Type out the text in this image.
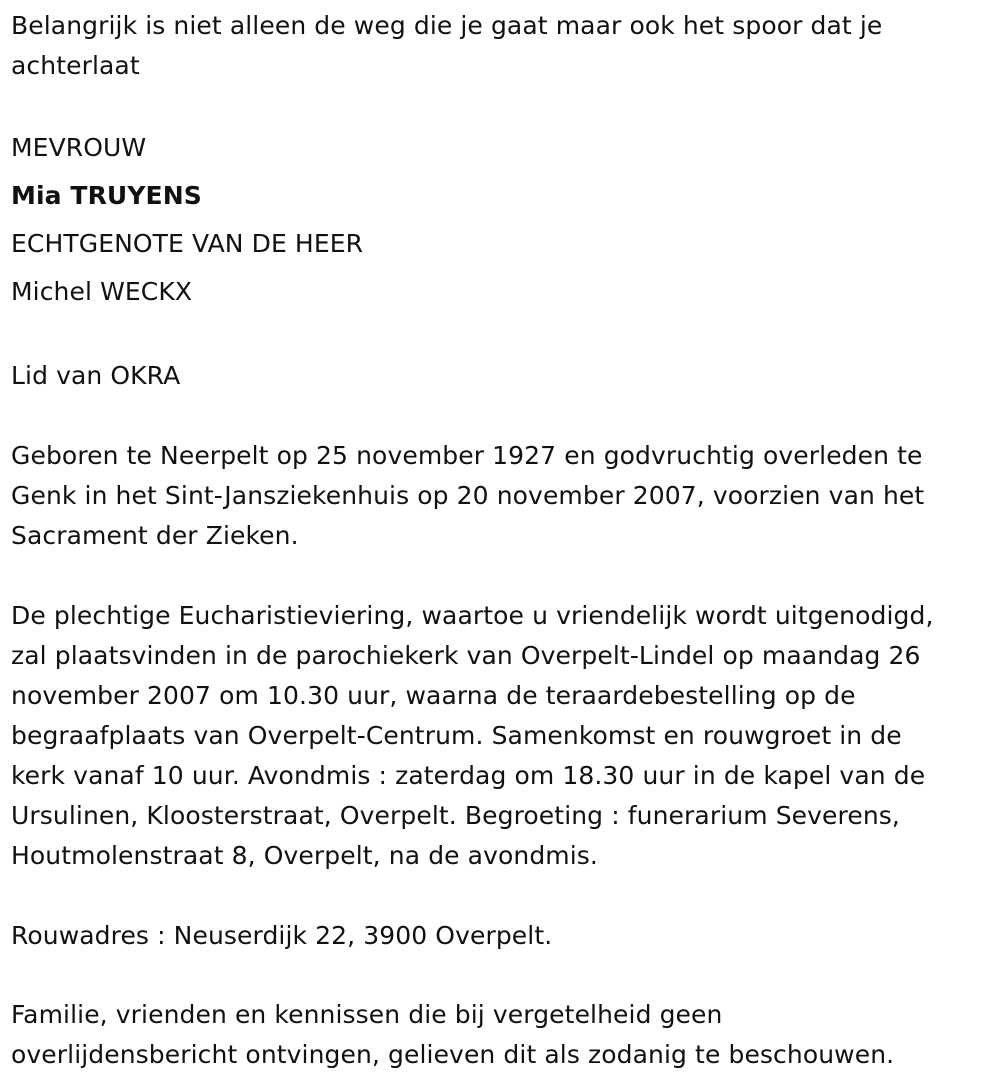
Belangrijk is niet alleen de weg die je gaat maar ook het spoor dat je
achterlaat
MEVROUW
Mia TRUYENS
ECHTGENOTE VAN DE HEER
Michel WECKX
Lid van OKRA
Geboren te Neerpelt op 25 november 1927 en godvruchtig overleden te
Genk in het Sint-Jansziekenhuis op 20 november 2007, voorzien van het
Sacrament der Zieken.
De plechtige Eucharistieviering, waartoe u vriendelijk wordt uitgenodigd,
zal plaatsvinden in de parochiekerk van Overpelt-Lindel op maandag 26
november 2007 om 10.30 uur, waarna de teraardebestelling op de
begraafplaats van Overpelt-Centrum. Samenkomst en rouwgroet in de
kerk vanaf 10 uur. Avondmis : zaterdag om 18.30 uur in de kapel van de
Ursulinen, Kloosterstraat, Overpelt. Begroeting : funerarium Severens,
Houtmolenstraat 8, Overpelt, na de avondmis.
Rouwadres : Neuserdijk 22, 3900 Overpelt.
Familie, vrienden en kennissen die bij vergetelheid geen
overlijdensbericht ontvingen, gelieven dit als zodanig te beschouwen.
